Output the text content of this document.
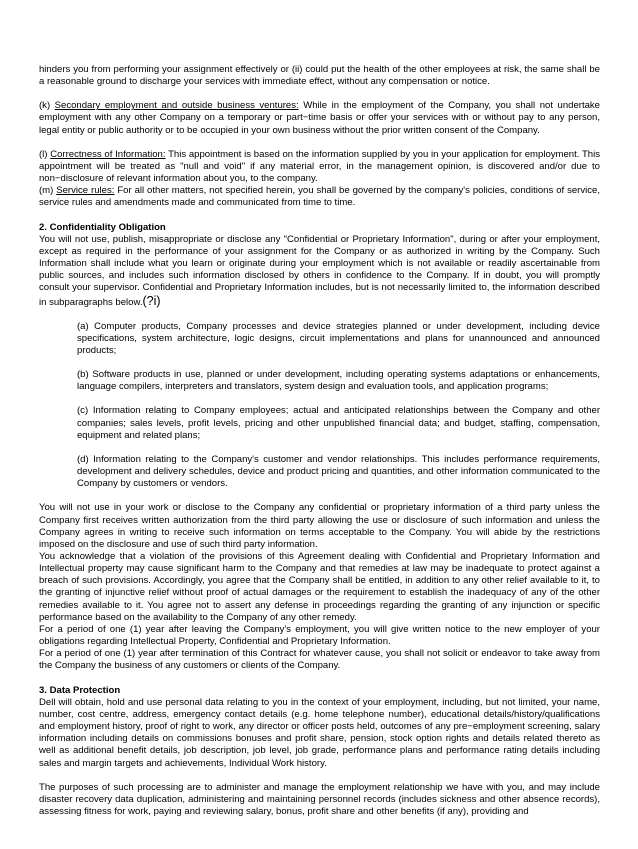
hinders you from performing your assignment effectively or (ii) could put the health of the other employees at risk, the same shall be a reasonable ground to discharge your services with immediate effect, without any compensation or notice.

(k) Secondary employment and outside business ventures: While in the employment of the Company, you shall not undertake employment with any other Company on a temporary or part−time basis or offer your services with or without pay to any person, legal entity or public authority or to be occupied in your own business without the prior written consent of the Company.

(l) Correctness of Information: This appointment is based on the information supplied by you in your application for employment. This appointment will be treated as "null and void" if any material error, in the management opinion, is discovered and/or due to non−disclosure of relevant information about you, to the company.

(m) Service rules: For all other matters, not specified herein, you shall be governed by the company's policies, conditions of service, service rules and amendments made and communicated from time to time.

2. Confidentiality Obligation

You will not use, publish, misappropriate or disclose any "Confidential or Proprietary Information", during or after your employment, except as required in the performance of your assignment for the Company or as authorized in writing by the Company. Such Information shall include what you learn or originate during your employment which is not available or readily ascertainable from public sources, and includes such information disclosed by others in confidence to the Company. If in doubt, you will promptly consult your supervisor. Confidential and Proprietary Information includes, but is not necessarily limited to, the information described in subparagraphs below.(?i)

(a) Computer products, Company processes and device strategies planned or under development, including device specifications, system architecture, logic designs, circuit implementations and plans for unannounced and announced products;

(b) Software products in use, planned or under development, including operating systems adaptations or enhancements, language compilers, interpreters and translators, system design and evaluation tools, and application programs;

(c) Information relating to Company employees; actual and anticipated relationships between the Company and other companies; sales levels, profit levels, pricing and other unpublished financial data; and budget, staffing, compensation, equipment and related plans;

(d) Information relating to the Company's customer and vendor relationships. This includes performance requirements, development and delivery schedules, device and product pricing and quantities, and other information communicated to the Company by customers or vendors.

You will not use in your work or disclose to the Company any confidential or proprietary information of a third party unless the Company first receives written authorization from the third party allowing the use or disclosure of such information and unless the Company agrees in writing to receive such information on terms acceptable to the Company. You will abide by the restrictions imposed on the disclosure and use of such third party information.

You acknowledge that a violation of the provisions of this Agreement dealing with Confidential and Proprietary Information and Intellectual property may cause significant harm to the Company and that remedies at law may be inadequate to protect against a breach of such provisions. Accordingly, you agree that the Company shall be entitled, in addition to any other relief available to it, to the granting of injunctive relief without proof of actual damages or the requirement to establish the inadequacy of any of the other remedies available to it. You agree not to assert any defense in proceedings regarding the granting of any injunction or specific performance based on the availability to the Company of any other remedy.

For a period of one (1) year after leaving the Company's employment, you will give written notice to the new employer of your obligations regarding Intellectual Property, Confidential and Proprietary Information.

For a period of one (1) year after termination of this Contract for whatever cause, you shall not solicit or endeavor to take away from the Company the business of any customers or clients of the Company.

3. Data Protection

Dell will obtain, hold and use personal data relating to you in the context of your employment, including, but not limited, your name, number, cost centre, address, emergency contact details (e.g. home telephone number), educational details/history/qualifications and employment history, proof of right to work, any director or officer posts held, outcomes of any pre−employment screening, salary information including details on commissions bonuses and profit share, pension, stock option rights and details related thereto as well as additional benefit details, job description, job level, job grade, performance plans and performance rating details including sales and margin targets and achievements, Individual Work history.

The purposes of such processing are to administer and manage the employment relationship we have with you, and may include disaster recovery data duplication, administering and maintaining personnel records (includes sickness and other absence records), assessing fitness for work, paying and reviewing salary, bonus, profit share and other benefits (if any), providing and
